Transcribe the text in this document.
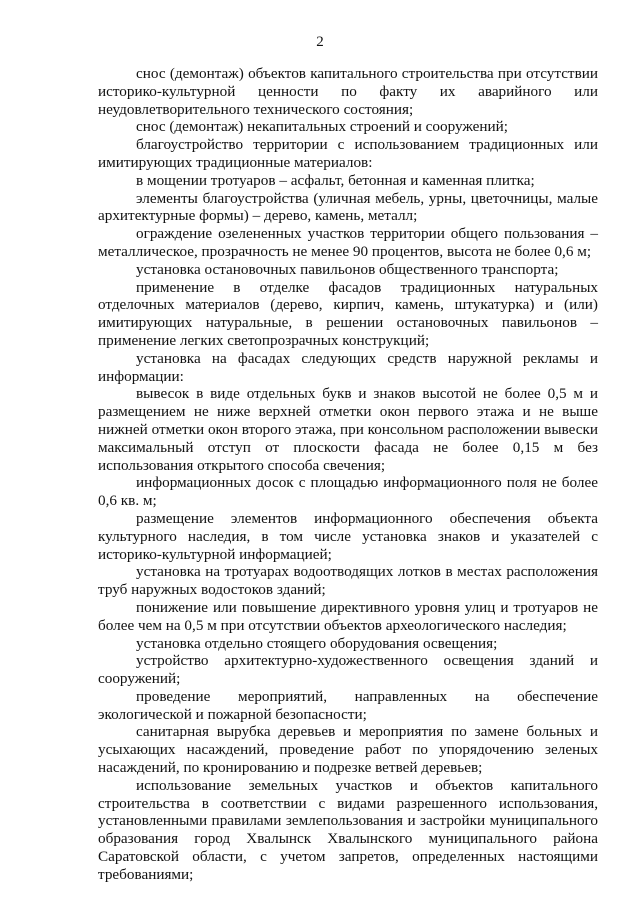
2

снос (демонтаж) объектов капитального строительства при отсутствии историко-культурной ценности по факту их аварийного или неудовлетворительного технического состояния;

снос (демонтаж) некапитальных строений и сооружений;

благоустройство территории с использованием традиционных или имитирующих традиционные материалов:

в мощении тротуаров – асфальт, бетонная и каменная плитка;

элементы благоустройства (уличная мебель, урны, цветочницы, малые архитектурные формы) – дерево, камень, металл;

ограждение озелененных участков территории общего пользования – металлическое, прозрачность не менее 90 процентов, высота не более 0,6 м;

установка остановочных павильонов общественного транспорта;

применение в отделке фасадов традиционных натуральных отделочных материалов (дерево, кирпич, камень, штукатурка) и (или) имитирующих натуральные, в решении остановочных павильонов – применение легких светопрозрачных конструкций;

установка на фасадах следующих средств наружной рекламы и информации:

вывесок в виде отдельных букв и знаков высотой не более 0,5 м и размещением не ниже верхней отметки окон первого этажа и не выше нижней отметки окон второго этажа, при консольном расположении вывески максимальный отступ от плоскости фасада не более 0,15 м без использования открытого способа свечения;

информационных досок с площадью информационного поля не более 0,6 кв. м;

размещение элементов информационного обеспечения объекта культурного наследия, в том числе установка знаков и указателей с историко-культурной информацией;

установка на тротуарах водоотводящих лотков в местах расположения труб наружных водостоков зданий;

понижение или повышение директивного уровня улиц и тротуаров не более чем на 0,5 м при отсутствии объектов археологического наследия;

установка отдельно стоящего оборудования освещения;

устройство архитектурно-художественного освещения зданий и сооружений;

проведение мероприятий, направленных на обеспечение экологической и пожарной безопасности;

санитарная вырубка деревьев и мероприятия по замене больных и усыхающих насаждений, проведение работ по упорядочению зеленых насаждений, по кронированию и подрезке ветвей деревьев;

использование земельных участков и объектов капитального строительства в соответствии с видами разрешенного использования, установленными правилами землепользования и застройки муниципального образования город Хвалынск Хвалынского муниципального района Саратовской области, с учетом запретов, определенных настоящими требованиями;
